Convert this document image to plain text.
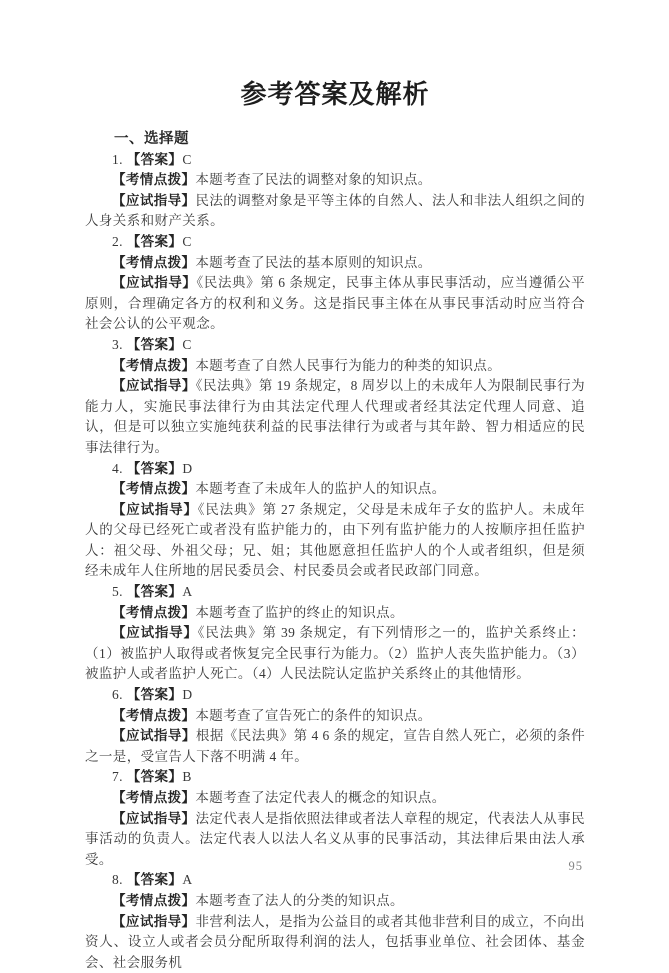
参考答案及解析
一、选择题

1. 【答案】C

【考情点拨】本题考查了民法的调整对象的知识点。

【应试指导】民法的调整对象是平等主体的自然人、法人和非法人组织之间的人身关系和财产关系。

2. 【答案】C

【考情点拨】本题考查了民法的基本原则的知识点。

【应试指导】《民法典》第 6 条规定，民事主体从事民事活动，应当遵循公平原则，合理确定各方的权利和义务。这是指民事主体在从事民事活动时应当符合社会公认的公平观念。

3. 【答案】C

【考情点拨】本题考查了自然人民事行为能力的种类的知识点。

【应试指导】《民法典》第 19 条规定，8 周岁以上的未成年人为限制民事行为能力人，实施民事法律行为由其法定代理人代理或者经其法定代理人同意、追认，但是可以独立实施纯获利益的民事法律行为或者与其年龄、智力相适应的民事法律行为。

4. 【答案】D

【考情点拨】本题考查了未成年人的监护人的知识点。

【应试指导】《民法典》第 27 条规定，父母是未成年子女的监护人。未成年人的父母已经死亡或者没有监护能力的，由下列有监护能力的人按顺序担任监护人：祖父母、外祖父母；兄、姐；其他愿意担任监护人的个人或者组织，但是须经未成年人住所地的居民委员会、村民委员会或者民政部门同意。

5. 【答案】A

【考情点拨】本题考查了监护的终止的知识点。

【应试指导】《民法典》第 39 条规定，有下列情形之一的，监护关系终止：（1）被监护人取得或者恢复完全民事行为能力。（2）监护人丧失监护能力。（3）被监护人或者监护人死亡。（4）人民法院认定监护关系终止的其他情形。

6. 【答案】D

【考情点拨】本题考查了宣告死亡的条件的知识点。

【应试指导】根据《民法典》第 4 6 条的规定，宣告自然人死亡，必须的条件之一是，受宣告人下落不明满 4 年。

7. 【答案】B

【考情点拨】本题考查了法定代表人的概念的知识点。

【应试指导】法定代表人是指依照法律或者法人章程的规定，代表法人从事民事活动的负责人。法定代表人以法人名义从事的民事活动，其法律后果由法人承受。

8. 【答案】A

【考情点拨】本题考查了法人的分类的知识点。

【应试指导】非营利法人，是指为公益目的或者其他非营利目的成立，不向出资人、设立人或者会员分配所取得利润的法人，包括事业单位、社会团体、基金会、社会服务机

95
